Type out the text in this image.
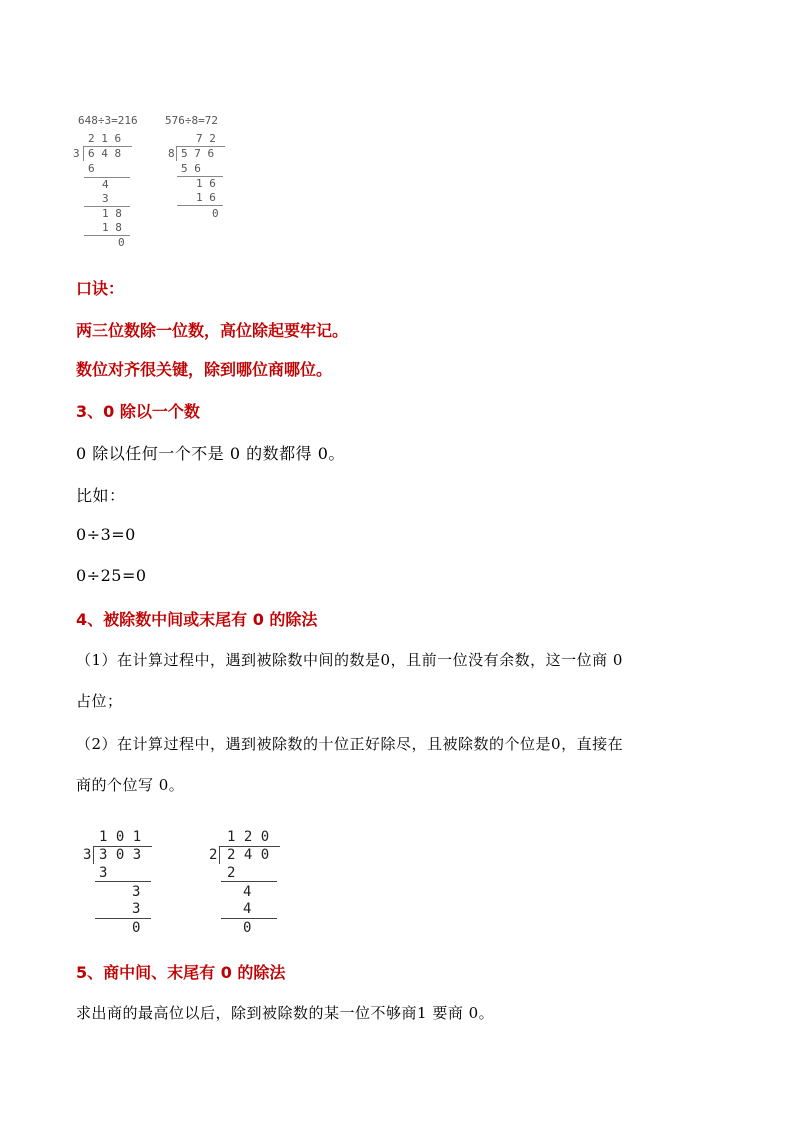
648÷3=216
2 1 6
3 6 4 8
6
4
3
1 8
1 8
0
576÷8=72
7 2
8 5 7 6
5 6
1 6
1 6
0
口诀：
两三位数除一位数，高位除起要牢记。
数位对齐很关键，除到哪位商哪位。
3、0 除以一个数
0 除以任何一个不是 0 的数都得 0。
比如：
0÷3=0
0÷25=0
4、被除数中间或末尾有 0 的除法
（1）在计算过程中，遇到被除数中间的数是0，且前一位没有余数，这一位商 0
占位；
（2）在计算过程中，遇到被除数的十位正好除尽，且被除数的个位是0，直接在
商的个位写 0。
1 0 1
3 3 0 3
3
3
3
0
1 2 0
2 2 4 0
2
4
4
0
5、商中间、末尾有 0 的除法
求出商的最高位以后，除到被除数的某一位不够商1 要商 0。
